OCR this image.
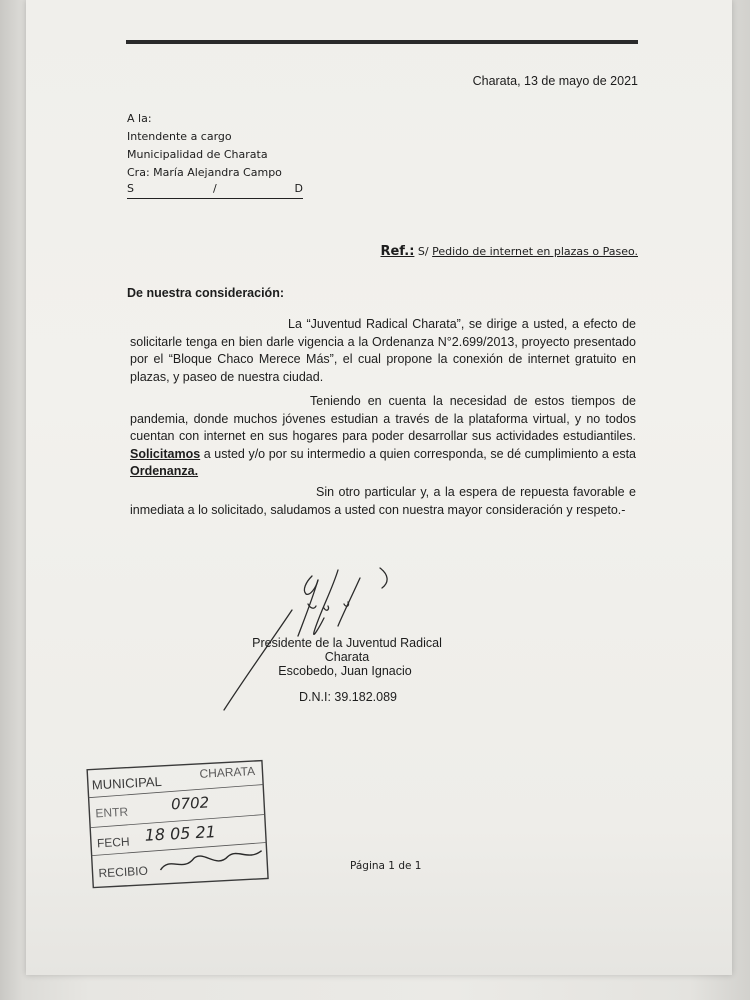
Charata, 13 de mayo de 2021
A la:
Intendente a cargo
Municipalidad de Charata
Cra: María Alejandra Campo
S	/	D
Ref.: S/ Pedido de internet en plazas o Paseo.
De nuestra consideración:
La “Juventud Radical Charata”, se dirige a usted, a efecto de solicitarle tenga en bien darle vigencia a la Ordenanza N°2.699/2013, proyecto presentado por el “Bloque Chaco Merece Más”, el cual propone la conexión de internet gratuito en plazas, y paseo de nuestra ciudad.
Teniendo en cuenta la necesidad de estos tiempos de pandemia, donde muchos jóvenes estudian a través de la plataforma virtual, y no todos cuentan con internet en sus hogares para poder desarrollar sus actividades estudiantiles. Solicitamos a usted y/o por su intermedio a quien corresponda, se dé cumplimiento a esta Ordenanza.
Sin otro particular y, a la espera de repuesta favorable e inmediata a lo solicitado, saludamos a usted con nuestra mayor consideración y respeto.-
Presidente de la Juventud Radical Charata
Escobedo, Juan Ignacio
D.N.I: 39.182.089
MUNICIPAL
CHARATA
ENTR	0702
FECH 18 05 21
RECIBIO	Página 1 de 1
